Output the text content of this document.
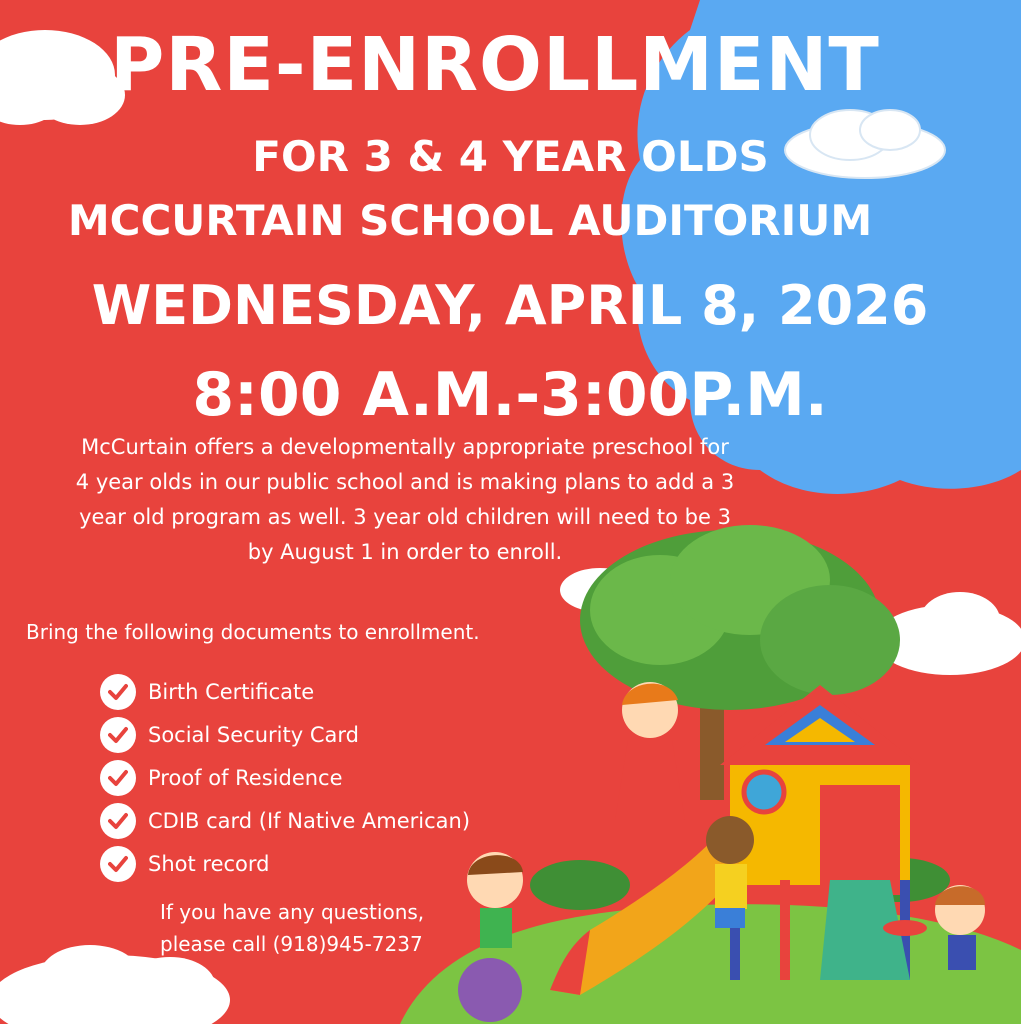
PRE-ENROLLMENT
FOR 3 & 4 YEAR OLDS
MCCURTAIN SCHOOL AUDITORIUM
WEDNESDAY, APRIL 8, 2026
8:00 A.M.-3:00P.M.
McCurtain offers a developmentally appropriate preschool for
4 year olds in our public school and is making plans to add a 3
year old program as well. 3 year old children will need to be 3
by August 1 in order to enroll.
Bring the following documents to enrollment.
Birth Certificate
Social Security Card
Proof of Residence
CDIB card (If Native American)
Shot record
If you have any questions,
please call (918)945-7237
